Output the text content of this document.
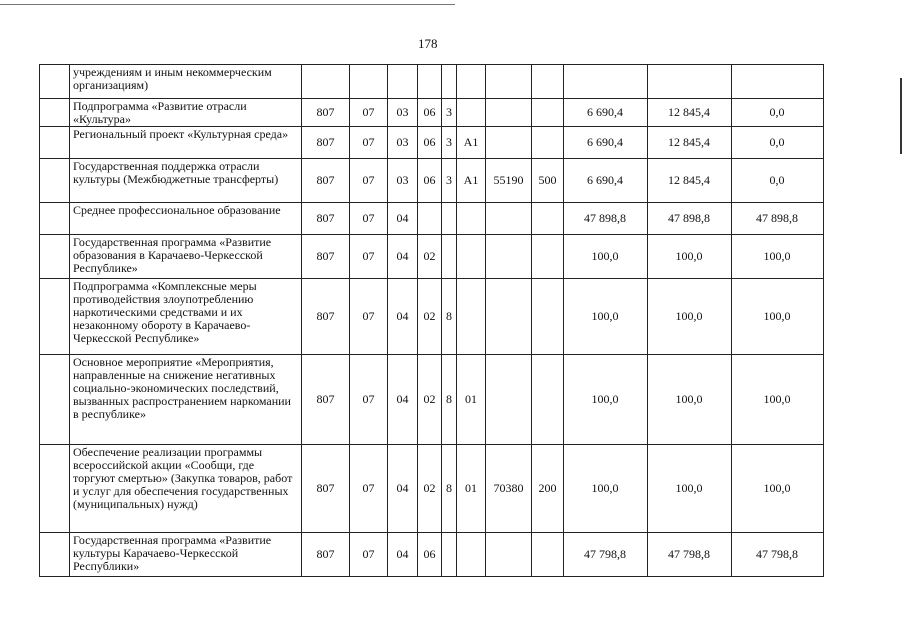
178
	учреждениям и иным некоммерческим организациям)											
	Подпрограмма «Развитие отрасли «Культура»	807	07	03	06	3				6 690,4	12 845,4	0,0
	Региональный проект «Культурная среда»	807	07	03	06	3	А1			6 690,4	12 845,4	0,0
	Государственная поддержка отрасли культуры (Межбюджетные трансферты)	807	07	03	06	3	А1	55190	500	6 690,4	12 845,4	0,0
	Среднее профессиональное образование	807	07	04						47 898,8	47 898,8	47 898,8
	Государственная программа «Развитие образования в Карачаево-Черкесской Республике»	807	07	04	02					100,0	100,0	100,0
	Подпрограмма «Комплексные меры противодействия злоупотреблению наркотическими средствами и их незаконному обороту в Карачаево-Черкесской Республике»	807	07	04	02	8				100,0	100,0	100,0
	Основное мероприятие «Мероприятия, направленные на снижение негативных социально-экономических последствий, вызванных распространением наркомании в республике»	807	07	04	02	8	01			100,0	100,0	100,0
	Обеспечение реализации программы всероссийской акции «Сообщи, где торгуют смертью» (Закупка товаров, работ и услуг для обеспечения государственных (муниципальных) нужд)	807	07	04	02	8	01	70380	200	100,0	100,0	100,0
	Государственная программа «Развитие культуры Карачаево-Черкесской Республики»	807	07	04	06					47 798,8	47 798,8	47 798,8
